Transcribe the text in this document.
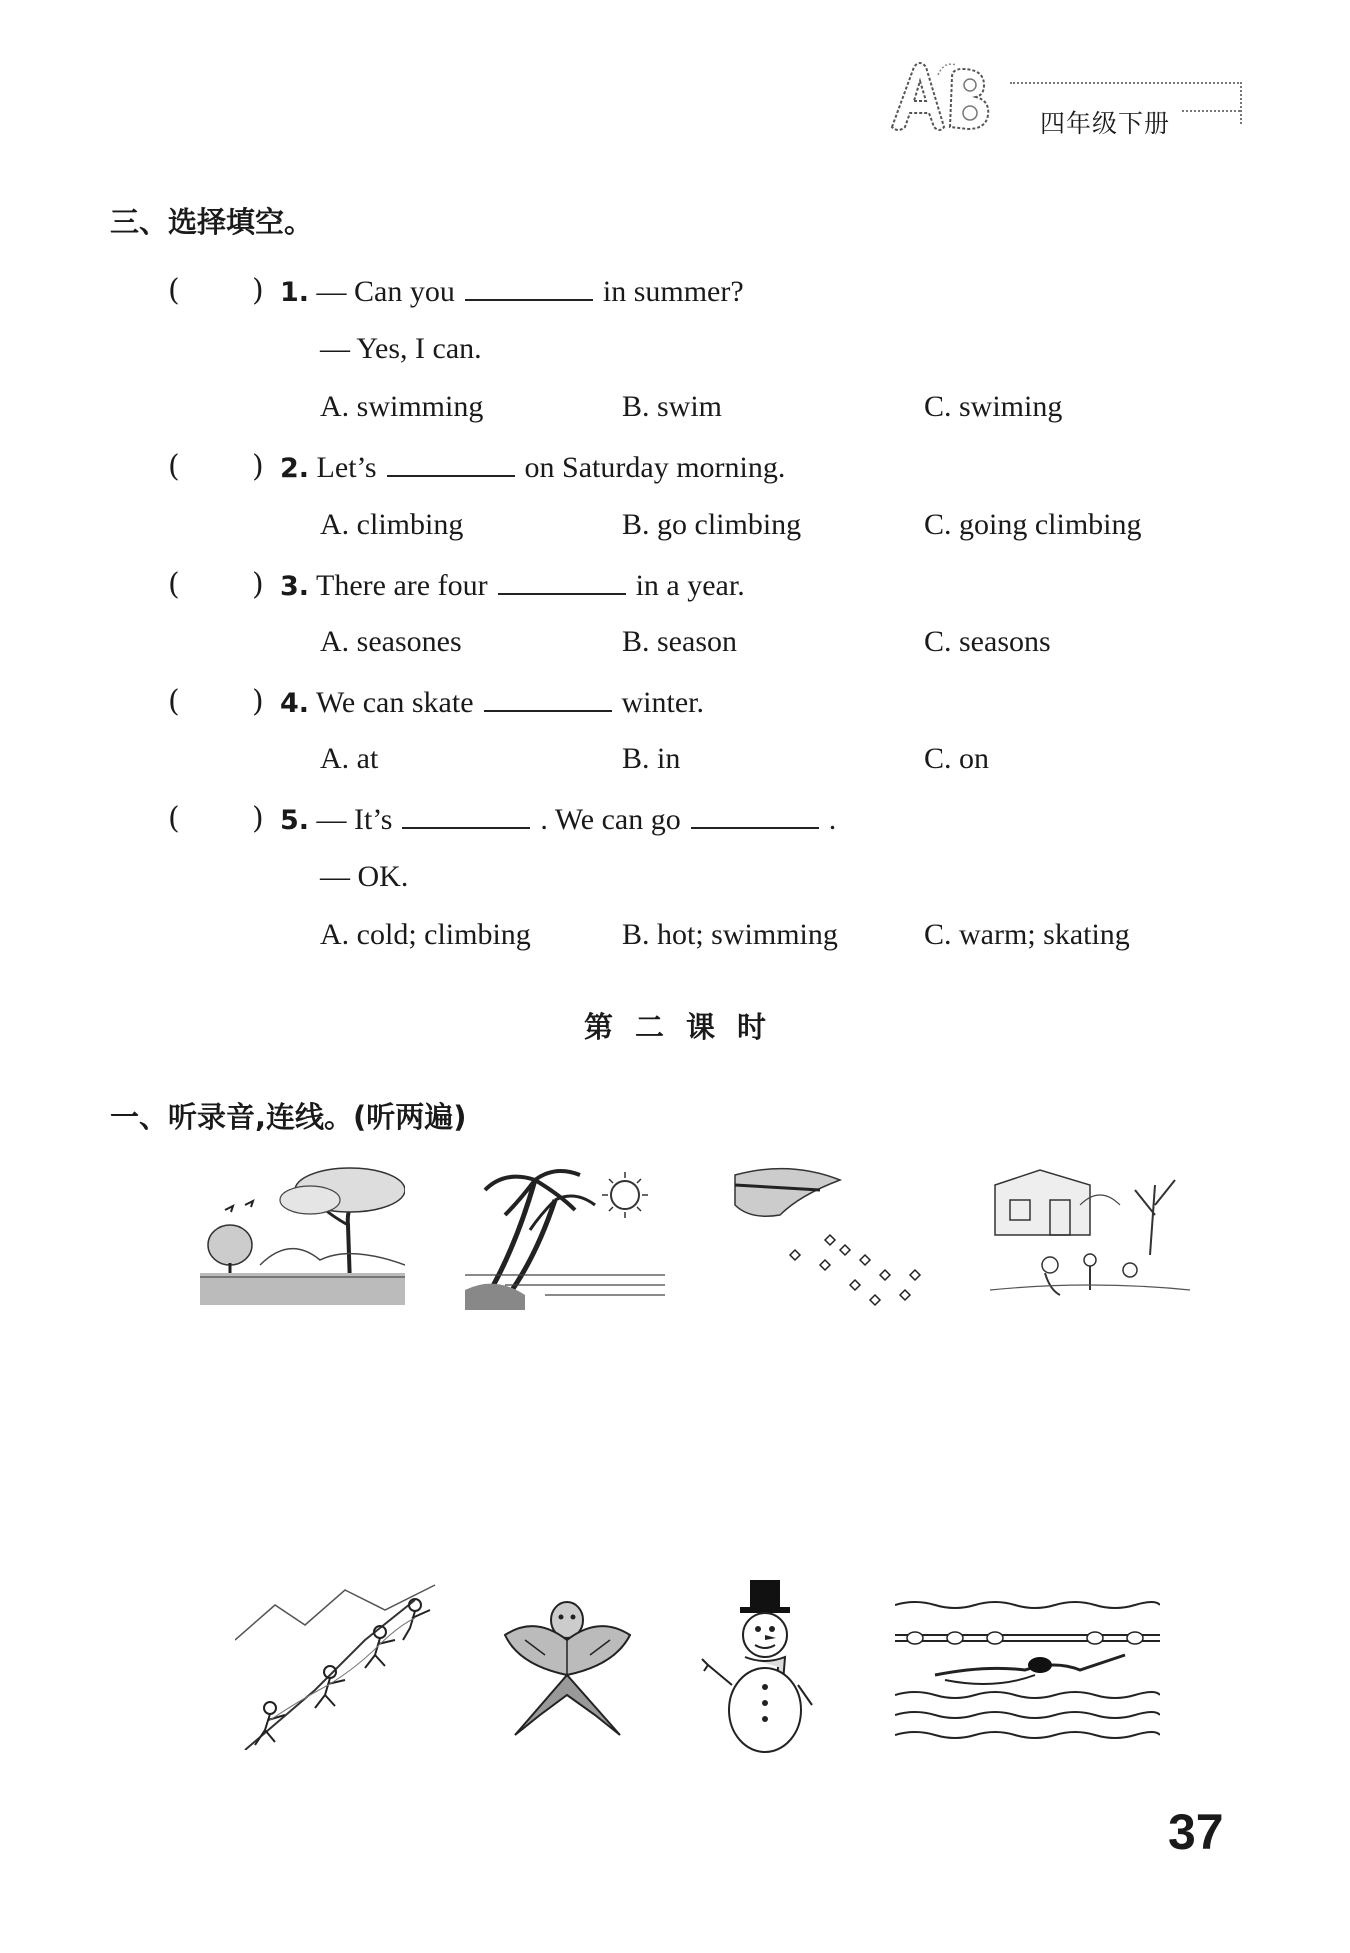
四年级下册
三、选择填空。
( ) 1. — Can you	in summer?
— Yes, I can.
A. swimming	B. swim	C. swiming
( ) 2. Let’s	on Saturday morning.
A. climbing	B. go climbing	C. going climbing
( ) 3. There are four	in a year.
A. seasones	B. season	C. seasons
( ) 4. We can skate	winter.
A. at	B. in	C. on
( ) 5. — It’s	. We can go	.
— OK.
A. cold; climbing	B. hot; swimming	C. warm; skating
第二课时
一、听录音,连线。(听两遍)
37
